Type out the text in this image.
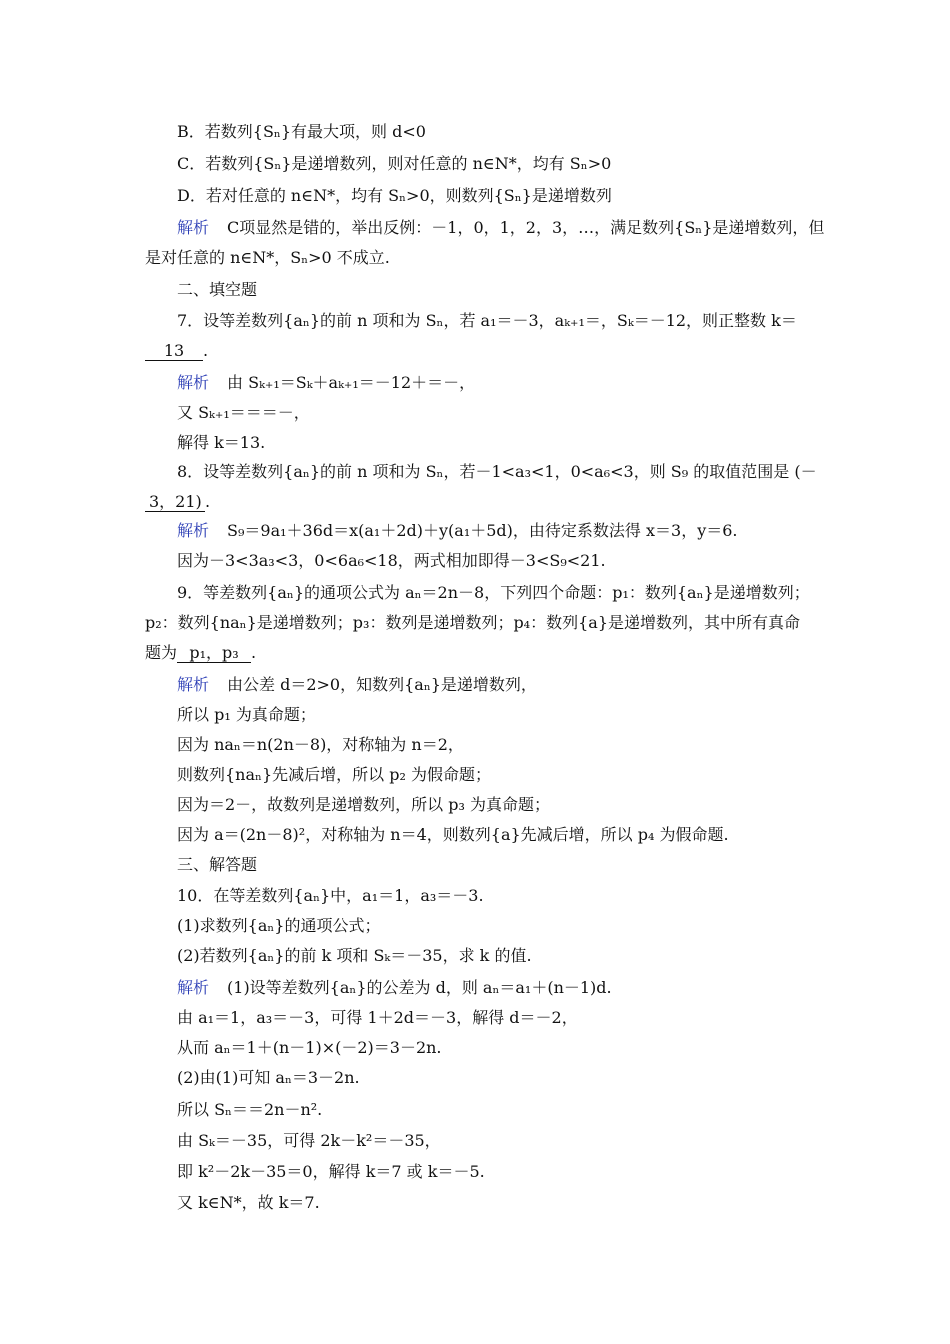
B．若数列{Sₙ}有最大项，则 d<0
C．若数列{Sₙ}是递增数列，则对任意的 n∈N*，均有 Sₙ>0
D．若对任意的 n∈N*，均有 Sₙ>0，则数列{Sₙ}是递增数列
解析 C项显然是错的，举出反例：－1，0，1，2，3，…，满足数列{Sₙ}是递增数列，但
是对任意的 n∈N*，Sₙ>0 不成立.
二、填空题
7．设等差数列{aₙ}的前 n 项和为 Sₙ，若 a₁＝－3，aₖ₊₁＝，Sₖ＝－12，则正整数 k＝
13 .
解析 由 Sₖ₊₁＝Sₖ＋aₖ₊₁＝－12＋＝－，
又 Sₖ₊₁＝＝＝－，
解得 k＝13.
8．设等差数列{aₙ}的前 n 项和为 Sₙ，若－1<a₃<1，0<a₆<3，则 S₉ 的取值范围是 (－
3，21) .
解析 S₉＝9a₁＋36d＝x(a₁＋2d)＋y(a₁＋5d)，由待定系数法得 x＝3，y＝6.
因为－3<3a₃<3，0<6a₆<18，两式相加即得－3<S₉<21.
9．等差数列{aₙ}的通项公式为 aₙ＝2n－8，下列四个命题：p₁：数列{aₙ}是递增数列；
p₂：数列{naₙ}是递增数列；p₃：数列是递增数列；p₄：数列{a}是递增数列，其中所有真命
题为 p₁，p₃ .
解析 由公差 d＝2>0，知数列{aₙ}是递增数列，
所以 p₁ 为真命题；
因为 naₙ＝n(2n－8)，对称轴为 n＝2，
则数列{naₙ}先减后增，所以 p₂ 为假命题；
因为＝2－，故数列是递增数列，所以 p₃ 为真命题；
因为 a＝(2n－8)²，对称轴为 n＝4，则数列{a}先减后增，所以 p₄ 为假命题.
三、解答题
10．在等差数列{aₙ}中，a₁＝1，a₃＝－3.
(1)求数列{aₙ}的通项公式；
(2)若数列{aₙ}的前 k 项和 Sₖ＝－35，求 k 的值.
解析 (1)设等差数列{aₙ}的公差为 d，则 aₙ＝a₁＋(n－1)d.
由 a₁＝1，a₃＝－3，可得 1＋2d＝－3，解得 d＝－2，
从而 aₙ＝1＋(n－1)×(－2)＝3－2n.
(2)由(1)可知 aₙ＝3－2n.
所以 Sₙ＝＝2n－n².
由 Sₖ＝－35，可得 2k－k²＝－35，
即 k²－2k－35＝0，解得 k＝7 或 k＝－5.
又 k∈N*，故 k＝7.
